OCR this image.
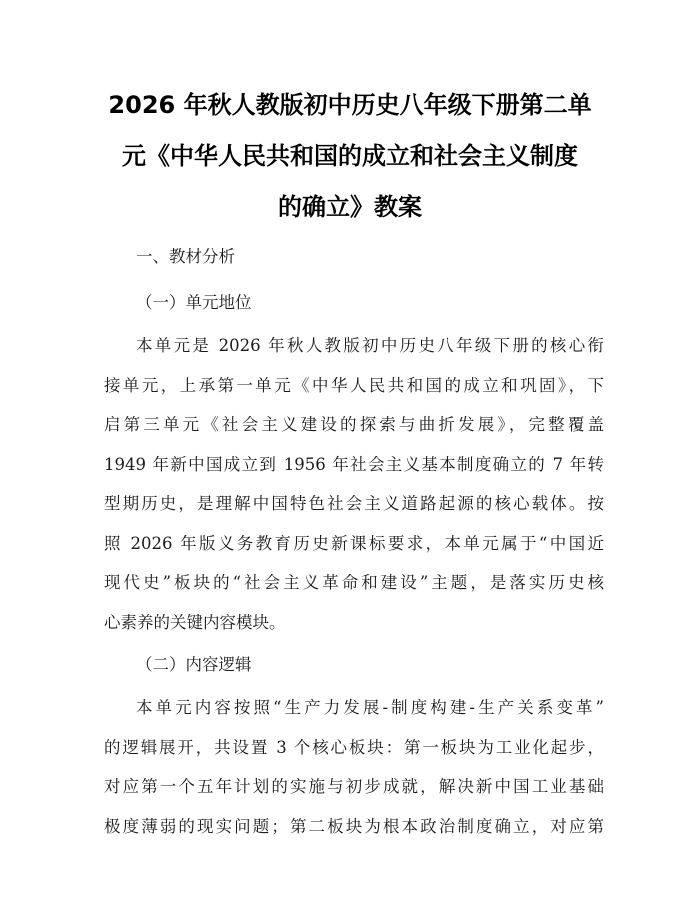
2026 年秋人教版初中历史八年级下册第二单
元《中华人民共和国的成立和社会主义制度
的确立》教案
一、教材分析
（一）单元地位
本单元是 2026 年秋人教版初中历史八年级下册的核心衔
接单元，上承第一单元《中华人民共和国的成立和巩固》，下
启第三单元《社会主义建设的探索与曲折发展》，完整覆盖
1949 年新中国成立到 1956 年社会主义基本制度确立的 7 年转
型期历史，是理解中国特色社会主义道路起源的核心载体。按
照 2026 年版义务教育历史新课标要求，本单元属于“中国近
现代史”板块的“社会主义革命和建设”主题，是落实历史核
心素养的关键内容模块。
（二）内容逻辑
本单元内容按照“生产力发展-制度构建-生产关系变革”
的逻辑展开，共设置 3 个核心板块：第一板块为工业化起步，
对应第一个五年计划的实施与初步成就，解决新中国工业基础
极度薄弱的现实问题；第二板块为根本政治制度确立，对应第
